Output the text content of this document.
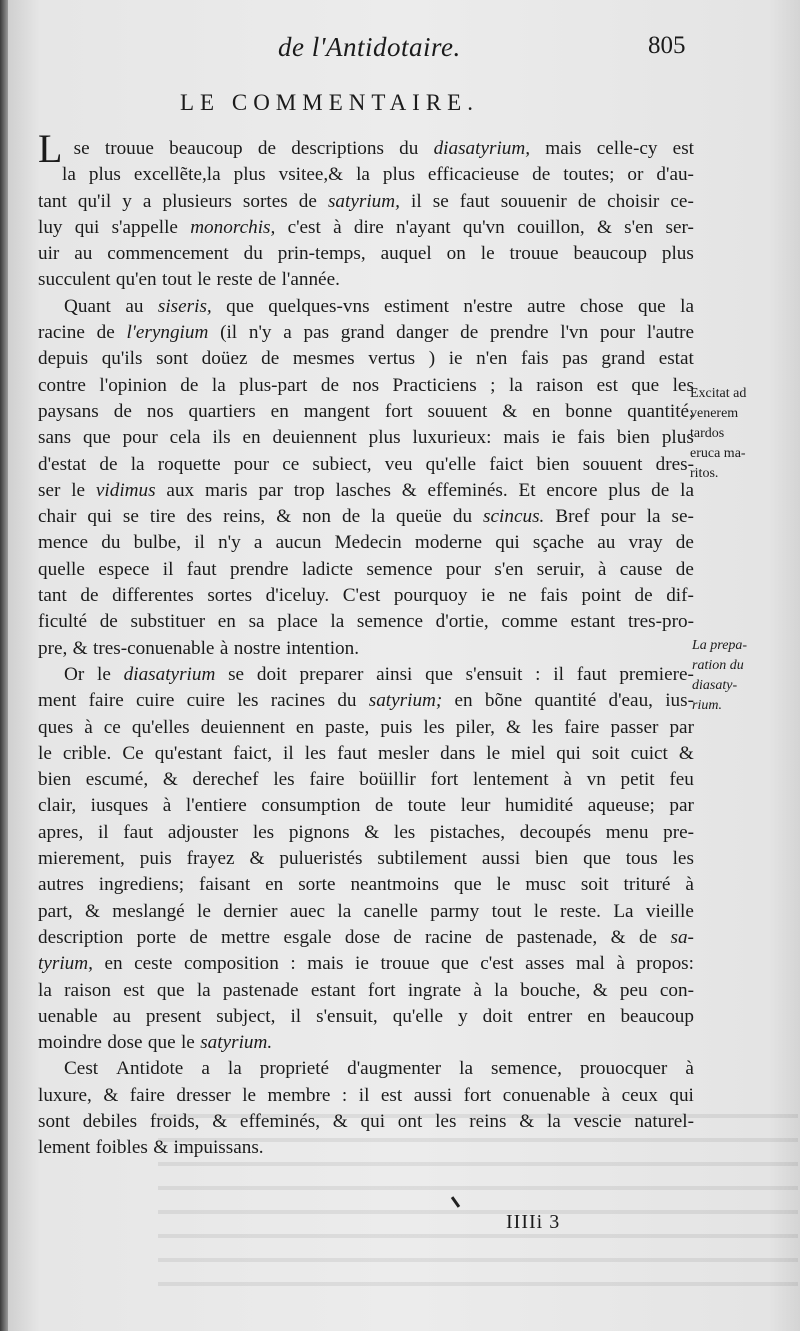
de l'Antidotaire.	805
LE COMMENTAIRE.
L se trouue beaucoup de descriptions du diasatyrium, mais celle-cy est
la plus excellẽte,la plus vsitee,& la plus efficacieuse de toutes; or d'au-
tant qu'il y a plusieurs sortes de satyrium, il se faut souuenir de choisir ce-
luy qui s'appelle monorchis, c'est à dire n'ayant qu'vn couillon, & s'en ser-
uir au commencement du prin-temps, auquel on le trouue beaucoup plus
succulent qu'en tout le reste de l'année.
Quant au siseris, que quelques-vns estiment n'estre autre chose que la
racine de l'eryngium (il n'y a pas grand danger de prendre l'vn pour l'autre
depuis qu'ils sont doüez de mesmes vertus ) ie n'en fais pas grand estat
contre l'opinion de la plus-part de nos Practiciens ; la raison est que les
paysans de nos quartiers en mangent fort souuent & en bonne quantité,
sans que pour cela ils en deuiennent plus luxurieux: mais ie fais bien plus
d'estat de la roquette pour ce subiect, veu qu'elle faict bien souuent dres-
ser le vidimus aux maris par trop lasches & effeminés. Et encore plus de la
chair qui se tire des reins, & non de la queüe du scincus. Bref pour la se-
mence du bulbe, il n'y a aucun Medecin moderne qui sçache au vray de
quelle espece il faut prendre ladicte semence pour s'en seruir, à cause de
tant de differentes sortes d'iceluy. C'est pourquoy ie ne fais point de dif-
ficulté de substituer en sa place la semence d'ortie, comme estant tres-pro-
pre, & tres-conuenable à nostre intention.
Or le diasatyrium se doit preparer ainsi que s'ensuit : il faut premiere-
ment faire cuire cuire les racines du satyrium; en bõne quantité d'eau, ius-
ques à ce qu'elles deuiennent en paste, puis les piler, & les faire passer par
le crible. Ce qu'estant faict, il les faut mesler dans le miel qui soit cuict &
bien escumé, & derechef les faire boüillir fort lentement à vn petit feu
clair, iusques à l'entiere consumption de toute leur humidité aqueuse; par
apres, il faut adjouster les pignons & les pistaches, decoupés menu pre-
mierement, puis frayez & pulueristés subtilement aussi bien que tous les
autres ingrediens; faisant en sorte neantmoins que le musc soit trituré à
part, & meslangé le dernier auec la canelle parmy tout le reste. La vieille
description porte de mettre esgale dose de racine de pastenade, & de sa-
tyrium, en ceste composition : mais ie trouue que c'est asses mal à propos:
la raison est que la pastenade estant fort ingrate à la bouche, & peu con-
uenable au present subject, il s'ensuit, qu'elle y doit entrer en beaucoup
moindre dose que le satyrium.
Cest Antidote a la proprieté d'augmenter la semence, prouocquer à
luxure, & faire dresser le membre : il est aussi fort conuenable à ceux qui
sont debiles froids, & effeminés, & qui ont les reins & la vescie naturel-
lement foibles & impuissans.
Excitat ad
venerem
tardos
eruca ma-
ritos.
La prepa-
ration du
diasaty-
rium.
IIIIi 3
